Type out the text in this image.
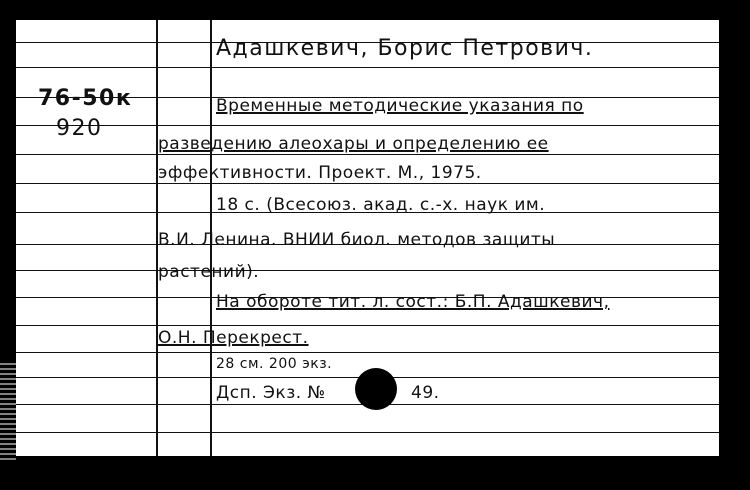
76-50к
920
Адашкевич, Борис Петрович.
Временные методические указания по
разведению алеохары и определению ее
эффективности. Проект. М., 1975.
18 с. (Всесоюз. акад. с.-х. наук им.
В.И. Ленина. ВНИИ биол. методов защиты
растений).
На обороте тит. л. сост.: Б.П. Адашкевич,
О.Н. Перекрест.
28 см. 200 экз.
Дсп. Экз. №	49.
